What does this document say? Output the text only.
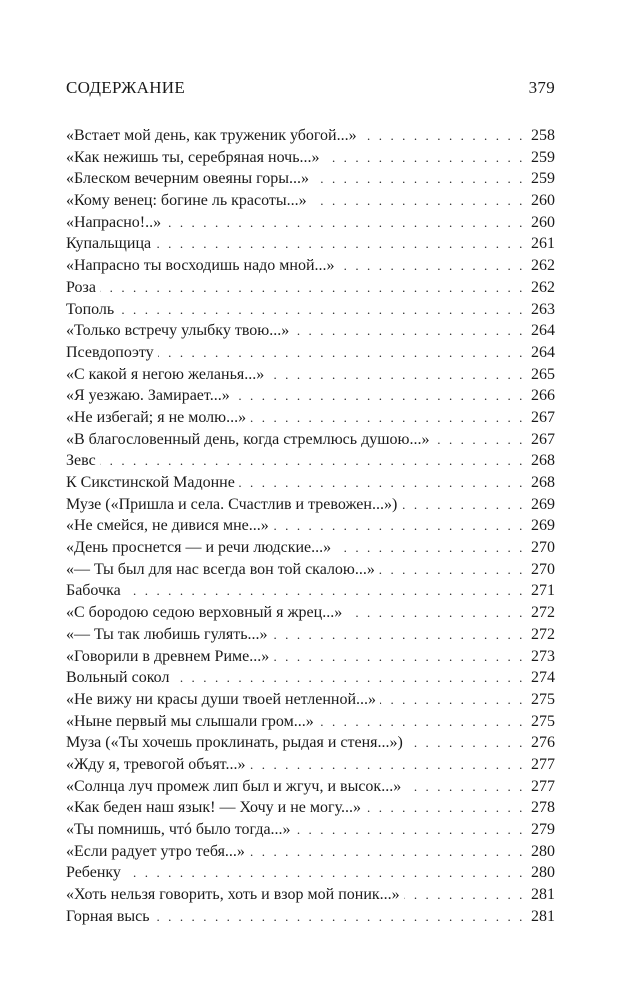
СОДЕРЖАНИЕ	379
«Встает мой день, как труженик убогой...» . . .	258
«Как нежишь ты, серебряная ночь...» . . .	259
«Блеском вечерним овеяны горы...» . . .	259
«Кому венец: богине ль красоты...» . . .	260
«Напрасно!..» . . .	260
Купальщица . . .	261
«Напрасно ты восходишь надо мной...» . . .	262
Роза . . .	262
Тополь . . .	263
«Только встречу улыбку твою...» . . .	264
Псевдопоэту . . .	264
«С какой я негою желанья...» . . .	265
«Я уезжаю. Замирает...» . . .	266
«Не избегай; я не молю...» . . .	267
«В благословенный день, когда стремлюсь душою...» . . .	267
Зевс . . .	268
К Сикстинской Мадонне . . .	268
Музе («Пришла и села. Счастлив и тревожен...») . . .	269
«Не смейся, не дивися мне...» . . .	269
«День проснется — и речи людские...» . . .	270
«— Ты был для нас всегда вон той скалою...» . . .	270
Бабочка . . .	271
«С бородою седою верховный я жрец...» . . .	272
«— Ты так любишь гулять...» . . .	272
«Говорили в древнем Риме...» . . .	273
Вольный сокол . . .	274
«Не вижу ни красы души твоей нетленной...» . . .	275
«Ныне первый мы слышали гром...» . . .	275
Муза («Ты хочешь проклинать, рыдая и стеня...») . . .	276
«Жду я, тревогой объят...» . . .	277
«Солнца луч промеж лип был и жгуч, и высок...» . . .	277
«Как беден наш язык! — Хочу и не могу...» . . .	278
«Ты помнишь, чтó было тогда...» . . .	279
«Если радует утро тебя...» . . .	280
Ребенку . . .	280
«Хоть нельзя говорить, хоть и взор мой поник...» . . .	281
Горная высь . . .	281
